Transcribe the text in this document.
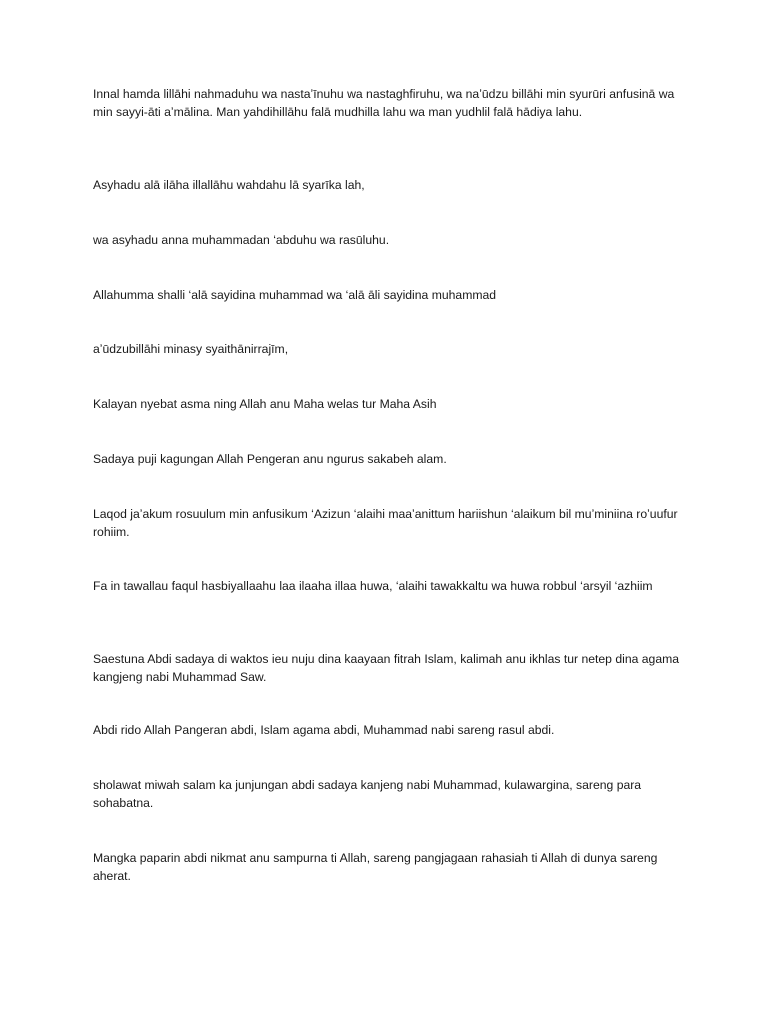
Innal hamda lillāhi nahmaduhu wa nastaʼīnuhu wa nastaghfiruhu, wa naʼūdzu billāhi min syurūri anfusinā wa min sayyi-āti aʼmālina. Man yahdihillāhu falā mudhilla lahu wa man yudhlil falā hādiya lahu.

Asyhadu alā ilāha illallāhu wahdahu lā syarīka lah,

wa asyhadu anna muhammadan ‘abduhu wa rasūluhu.

Allahumma shalli ‘alā sayidina muhammad wa ‘alā āli sayidina muhammad

aʼūdzubillāhi minasy syaithānirrajīm,

Kalayan nyebat asma ning Allah anu Maha welas tur Maha Asih

Sadaya puji kagungan Allah Pengeran anu ngurus sakabeh alam.

Laqod jaʼakum rosuulum min anfusikum ‘Azizun ‘alaihi maaʼanittum hariishun ‘alaikum bil muʼminiina roʼuufur rohiim.

Fa in tawallau faqul hasbiyallaahu laa ilaaha illaa huwa, ‘alaihi tawakkaltu wa huwa robbul ‘arsyil ‘azhiim

Saestuna Abdi sadaya di waktos ieu nuju dina kaayaan fitrah Islam, kalimah anu ikhlas tur netep dina agama kangjeng nabi Muhammad Saw.

Abdi rido Allah Pangeran abdi, Islam agama abdi, Muhammad nabi sareng rasul abdi.

sholawat miwah salam ka junjungan abdi sadaya kanjeng nabi Muhammad, kulawargina, sareng para sohabatna.

Mangka paparin abdi nikmat anu sampurna ti Allah, sareng pangjagaan rahasiah ti Allah di dunya sareng aherat.
